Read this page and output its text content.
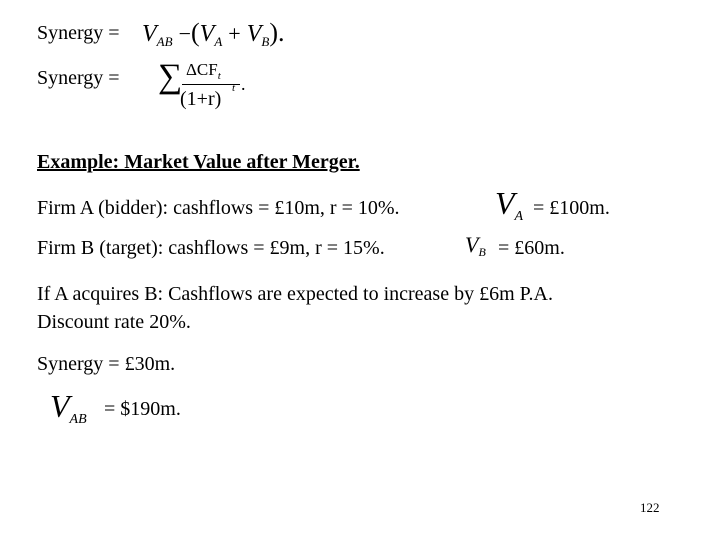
Synergy = $V_{AB} -(V_A + V_B)$.
Synergy = ∑ $\Delta CF_t$
(1+r) t .
Example: Market Value after Merger.
Firm A (bidder): cashflows = £10m, r = 10%.	VA = £100m.
Firm B (target): cashflows = £9m, r = 15%.	VB = £60m.
If A acquires B: Cashflows are expected to increase by £6m P.A.
Discount rate 20%.
Synergy = £30m.
VAB = $190m.
122
